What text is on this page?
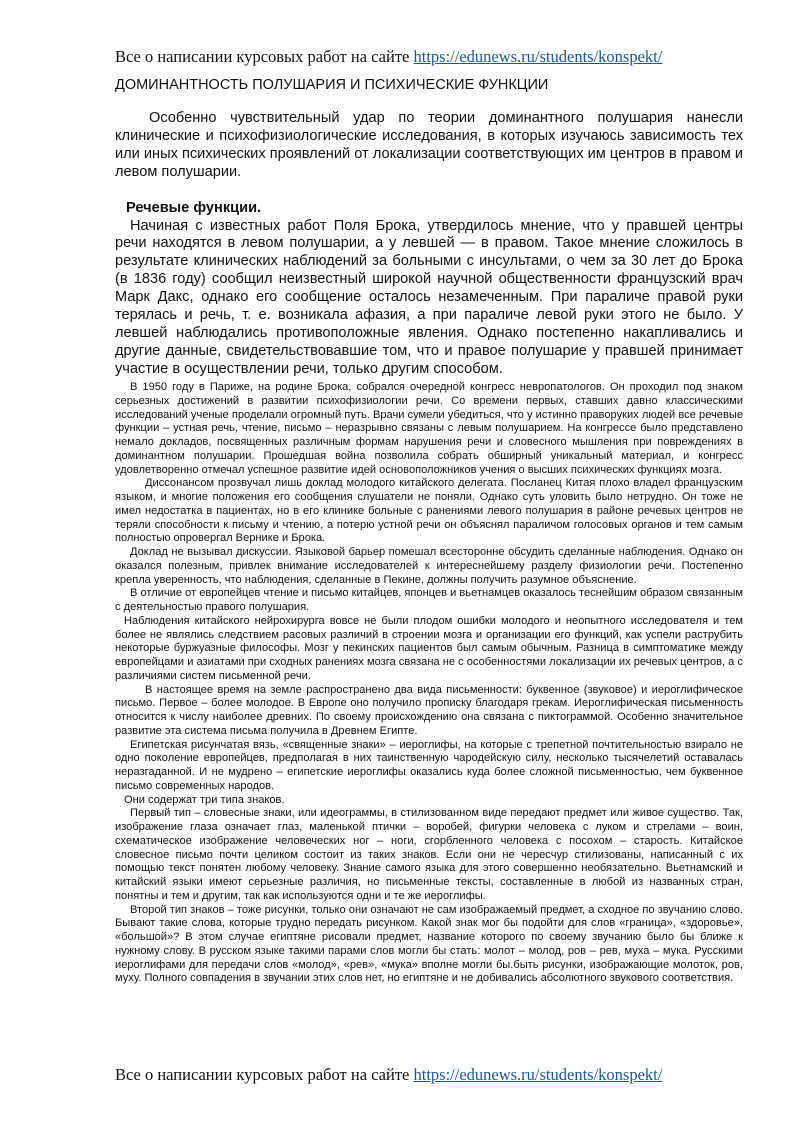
Все о написании курсовых работ на сайте https://edunews.ru/students/konspekt/
ДОМИНАНТНОСТЬ ПОЛУШАРИЯ И ПСИХИЧЕСКИЕ ФУНКЦИИ

Особенно чувствительный удар по теории доминантного полушария нанесли клинические и психофизиологические исследования, в которых изучаюсь зависимость тех или иных психических проявлений от локализации соответствующих им центров в правом и левом полушарии.

Речевые функции.

Начиная с известных работ Поля Брока, утвердилось мнение, что у правшей центры речи находятся в левом полушарии, а у левшей — в правом. Такое мнение сложилось в результате клинических наблюдений за больными с инсультами, о чем за 30 лет до Брока (в 1836 году) сообщил неизвестный широкой научной общественности французский врач Марк Дакс, однако его сообщение осталось незамеченным. При параличе правой руки терялась и речь, т. е. возникала афазия, а при параличе левой руки этого не было. У левшей наблюдались противоположные явления. Однако постепенно накапливались и другие данные, свидетельствовавшие том, что и правое полушарие у правшей принимает участие в осуществлении речи, только другим способом.

В 1950 году в Париже, на родине Брока, собрался очередной конгресс невропатологов. Он проходил под знаком серьезных достижений в развитии психофизиологии речи. Со времени первых, ставших давно классическими исследований ученые проделали огромный путь. Врачи сумели убедиться, что у истинно праворуких людей все речевые функции – устная речь, чтение, письмо – неразрывно связаны с левым полушарием. На конгрессе было представлено немало докладов, посвященных различным формам нарушения речи и словесного мышления при повреждениях в доминантном полушарии. Прошедшая война позволила собрать обширный уникальный материал, и конгресс удовлетворенно отмечал успешное развитие идей основоположников учения о высших психических функциях мозга.

Диссонансом прозвучал лишь доклад молодого китайского делегата. Посланец Китая плохо владел французским языком, и многие положения его сообщения слушатели не поняли. Однако суть уловить было нетрудно. Он тоже не имел недостатка в пациентах, но в его клинике больные с ранениями левого полушария в районе речевых центров не теряли способности к письму и чтению, а потерю устной речи он объяснял параличом голосовых органов и тем самым полностью опровергал Вернике и Брока.

Доклад не вызывал дискуссии. Языковой барьер помешал всесторонне обсудить сделанные наблюдения. Однако он оказался полезным, привлек внимание исследователей к интереснейшему разделу физиологии речи. Постепенно крепла уверенность, что наблюдения, сделанные в Пекине, должны получить разумное объяснение.

В отличие от европейцев чтение и письмо китайцев, японцев и вьетнамцев оказалось теснейшим образом связанным с деятельностью правого полушария.

Наблюдения китайского нейрохирурга вовсе не были плодом ошибки молодого и неопытного исследователя и тем более не являлись следствием расовых различий в строении мозга и организации его функций, как успели раструбить некоторые буржуазные философы. Мозг у пекинских пациентов был самым обычным. Разница в симптоматике между европейцами и азиатами при сходных ранениях мозга связана не с особенностями локализации их речевых центров, а с различиями систем письменной речи.

В настоящее время на земле распространено два вида письменности: буквенное (звуковое) и иероглифическое письмо. Первое – более молодое. В Европе оно получило прописку благодаря грекам. Иероглифическая письменность относится к числу наиболее древних. По своему происхождению она связана с пиктограммой. Особенно значительное развитие эта система письма получила в Древнем Египте.

Египетская рисунчатая вязь, «священные знаки» – иероглифы, на которые с трепетной почтительностью взирало не одно поколение европейцев, предполагая в них таинственную чародейскую силу, несколько тысячелетий оставалась неразгаданной. И не мудрено – египетские иероглифы оказались куда более сложной письменностью, чем буквенное письмо современных народов.

Они содержат три типа знаков.

Первый тип – словесные знаки, или идеограммы, в стилизованном виде передают предмет или живое существо. Так, изображение глаза означает глаз, маленькой птички – воробей, фигурки человека с луком и стрелами – воин, схематическое изображение человеческих ног – ноги, сгорбленного человека с посохом – старость. Китайское словесное письмо почти целиком состоит из таких знаков. Если они не чересчур стилизованы, написанный с их помощью текст понятен любому человеку. Знание самого языка для этого совершенно необязательно. Вьетнамский и китайский языки имеют серьезные различия, но письменные тексты, составленные в любой из названных стран, понятны и тем и другим, так как используются одни и те же иероглифы.

Второй тип знаков – тоже рисунки, только они означают не сам изображаемый предмет, а сходное по звучанию слово. Бывают такие слова, которые трудно передать рисунком. Какой знак мог бы подойти для слов «граница», «здоровье», «большой»? В этом случае египтяне рисовали предмет, название которого по своему звучанию было бы ближе к нужному слову. В русском языке такими парами слов могли бы стать: молот – молод, ров – рев, муха – мука. Русскими иероглифами для передачи слов «молод», «рев», «мука» вполне могли бы.быть рисунки, изображающие молоток, ров, муху. Полного совпадения в звучании этих слов нет, но египтяне и не добивались абсолютного звукового соответствия.

Все о написании курсовых работ на сайте https://edunews.ru/students/konspekt/
